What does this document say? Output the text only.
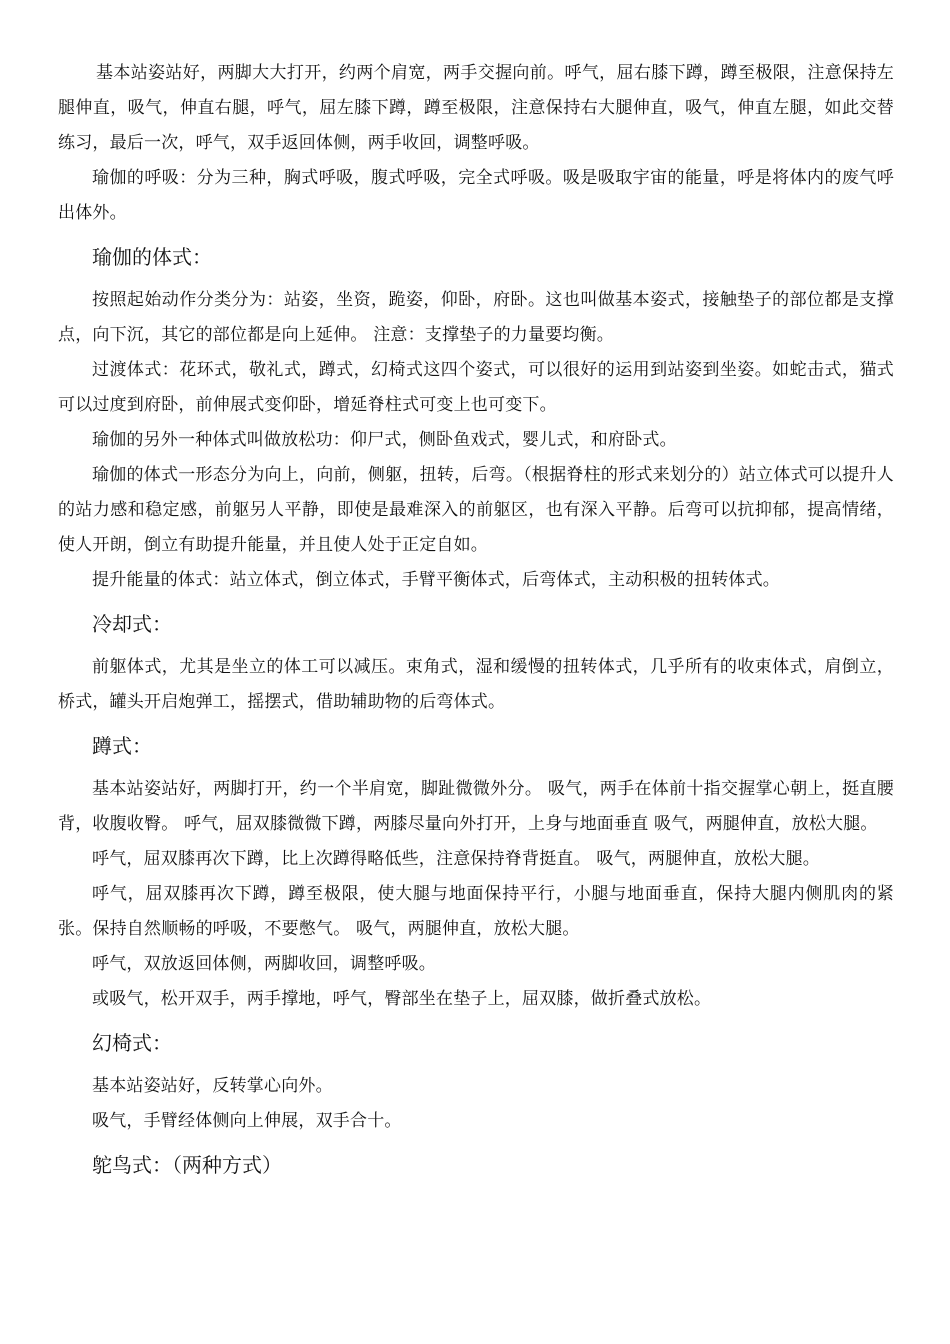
基本站姿站好，两脚大大打开，约两个肩宽，两手交握向前。呼气，屈右膝下蹲，蹲至极限，注意保持左腿伸直，吸气，伸直右腿，呼气，屈左膝下蹲，蹲至极限，注意保持右大腿伸直，吸气，伸直左腿，如此交替练习，最后一次，呼气，双手返回体侧，两手收回，调整呼吸。

瑜伽的呼吸：分为三种，胸式呼吸，腹式呼吸，完全式呼吸。吸是吸取宇宙的能量，呼是将体内的废气呼出体外。

瑜伽的体式：

按照起始动作分类分为：站姿，坐资，跪姿，仰卧，府卧。这也叫做基本姿式，接触垫子的部位都是支撑点，向下沉，其它的部位都是向上延伸。 注意：支撑垫子的力量要均衡。

过渡体式：花环式，敬礼式，蹲式，幻椅式这四个姿式，可以很好的运用到站姿到坐姿。如蛇击式，猫式可以过度到府卧，前伸展式变仰卧，增延脊柱式可变上也可变下。

瑜伽的另外一种体式叫做放松功：仰尸式，侧卧鱼戏式，婴儿式，和府卧式。

瑜伽的体式一形态分为向上，向前，侧躯，扭转，后弯。（根据脊柱的形式来划分的）站立体式可以提升人的站力感和稳定感，前躯另人平静，即使是最难深入的前躯区，也有深入平静。后弯可以抗抑郁，提高情绪，使人开朗，倒立有助提升能量，并且使人处于正定自如。

提升能量的体式：站立体式，倒立体式，手臂平衡体式，后弯体式，主动积极的扭转体式。

冷却式：

前躯体式，尤其是坐立的体工可以减压。束角式，湿和缓慢的扭转体式，几乎所有的收束体式，肩倒立，桥式，罐头开启炮弹工，摇摆式，借助辅助物的后弯体式。

蹲式：

基本站姿站好，两脚打开，约一个半肩宽，脚趾微微外分。 吸气，两手在体前十指交握掌心朝上，挺直腰背，收腹收臀。 呼气，屈双膝微微下蹲，两膝尽量向外打开，上身与地面垂直 吸气，两腿伸直，放松大腿。

呼气，屈双膝再次下蹲，比上次蹲得略低些，注意保持脊背挺直。 吸气，两腿伸直，放松大腿。

呼气，屈双膝再次下蹲，蹲至极限，使大腿与地面保持平行，小腿与地面垂直，保持大腿内侧肌肉的紧张。保持自然顺畅的呼吸，不要憋气。 吸气，两腿伸直，放松大腿。

呼气，双放返回体侧，两脚收回，调整呼吸。

或吸气，松开双手，两手撑地，呼气，臀部坐在垫子上，屈双膝，做折叠式放松。

幻椅式：

基本站姿站好，反转掌心向外。

吸气，手臂经体侧向上伸展，双手合十。

鸵鸟式：（两种方式）
